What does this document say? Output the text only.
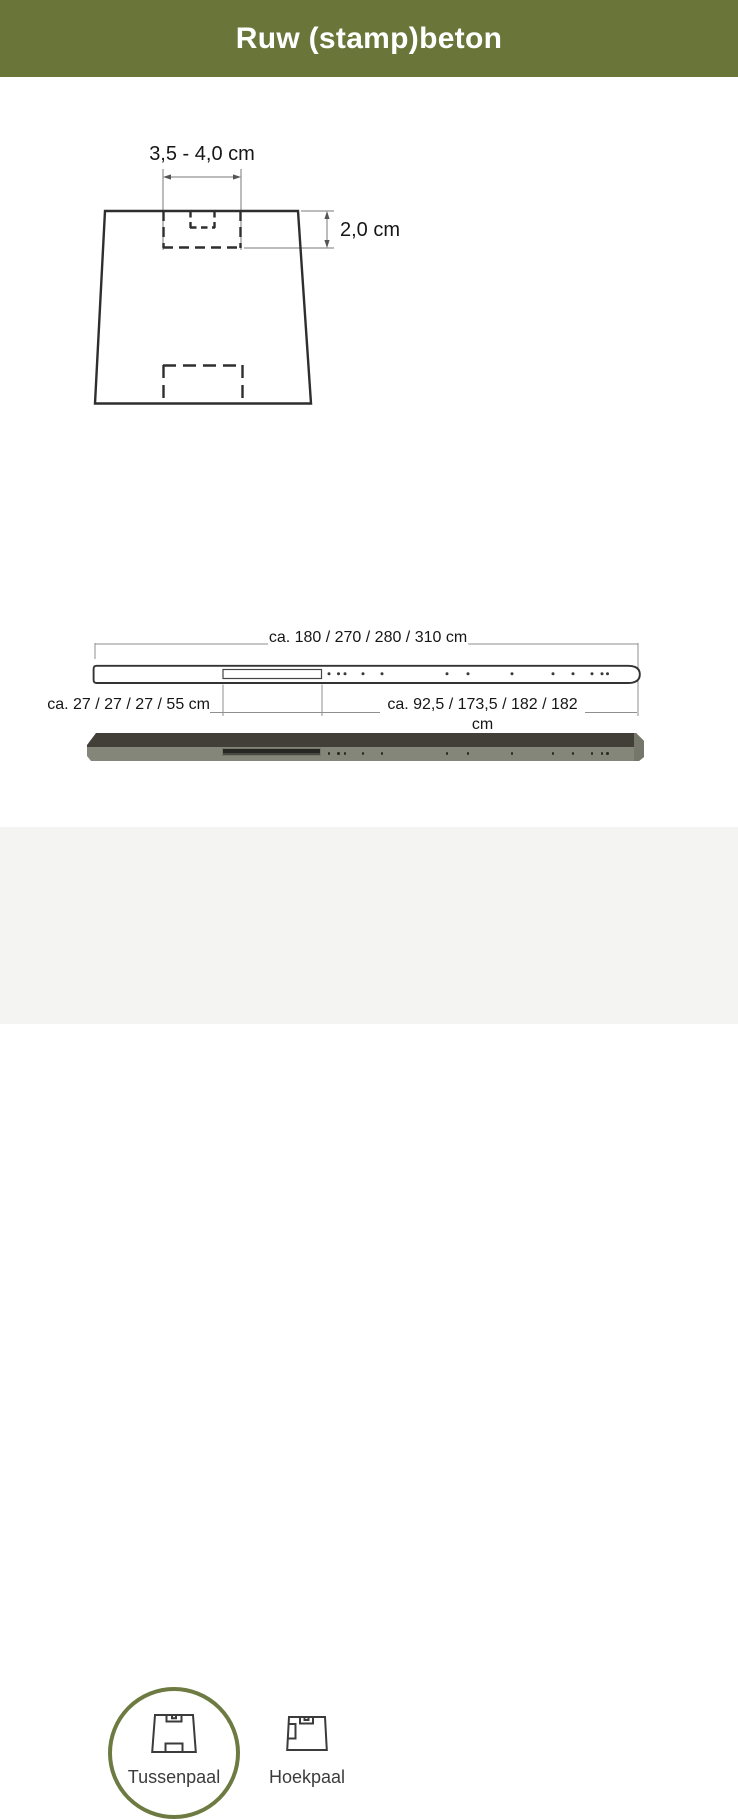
Ruw (stamp)beton
3,5 - 4,0 cm
2,0 cm
ca. 180 / 270 / 280 / 310 cm
ca. 27 / 27 / 27 / 55 cm	ca. 92,5 / 173,5 / 182 / 182 cm
Tussenpaal	Hoekpaal
